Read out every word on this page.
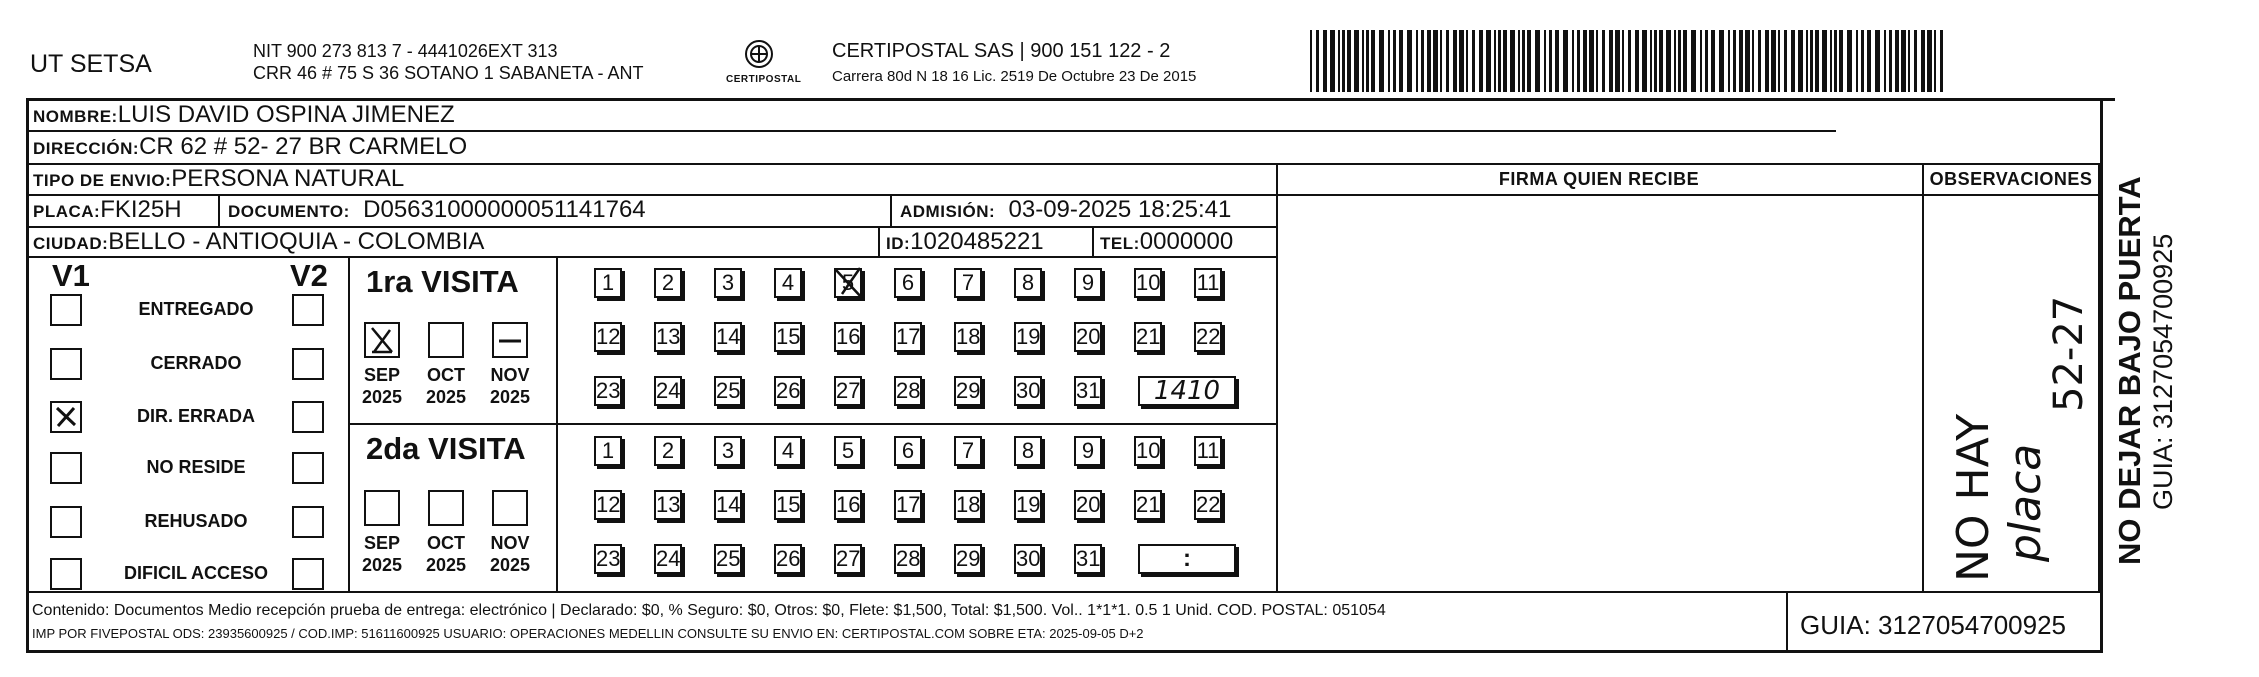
UT SETSA	NIT 900 273 813 7 - 4441026EXT 313
CRR 46 # 75 S 36 SOTANO 1 SABANETA - ANT	CERTIPOSTAL
CERTIPOSTAL SAS | 900 151 122 - 2
Carrera 80d N 18 16 Lic. 2519 De Octubre 23 De 2015
NOMBRE:LUIS DAVID OSPINA JIMENEZ
DIRECCIÓN:CR 62 # 52- 27 BR CARMELO
TIPO DE ENVIO:PERSONA NATURAL
PLACA:FKI25H	DOCUMENTO: D05631000000051141764	ADMISIÓN: 03-09-2025 18:25:41
CIUDAD:BELLO - ANTIOQUIA - COLOMBIA	ID:1020485221	TEL:0000000
FIRMA QUIEN RECIBE	OBSERVACIONES
V1	V2
ENTREGADO
CERRADO
DIR. ERRADA
NO RESIDE
REHUSADO
DIFICIL ACCESO
1ra VISITA
SEP
2025
OCT
2025
NOV
2025
1	2	3	4	5	6	7	8	9	10 11
12 13 14 15 16 17 18 19 20 21 22
23 24 25 26 27 28 29 30 31	1410
2da VISITA
SEP
2025
OCT
2025
NOV
2025
1	2	3	4	5	6	7	8	9	10 11
12 13 14 15 16 17 18 19 20 21 22
23 24 25 26 27 28 29 30 31	:	NO HAY placa
52-27
Contenido: Documentos Medio recepción prueba de entrega: electrónico | Declarado: $0, % Seguro: $0, Otros: $0, Flete: $1,500, Total: $1,500. Vol.. 1*1*1. 0.5 1 Unid. COD. POSTAL: 051054
IMP POR FIVEPOSTAL ODS: 23935600925 / COD.IMP: 51611600925 USUARIO: OPERACIONES MEDELLIN CONSULTE SU ENVIO EN: CERTIPOSTAL.COM SOBRE ETA: 2025-09-05 D+2	GUIA: 3127054700925
NO DEJAR BAJO PUERTA GUIA: 3127054700925
